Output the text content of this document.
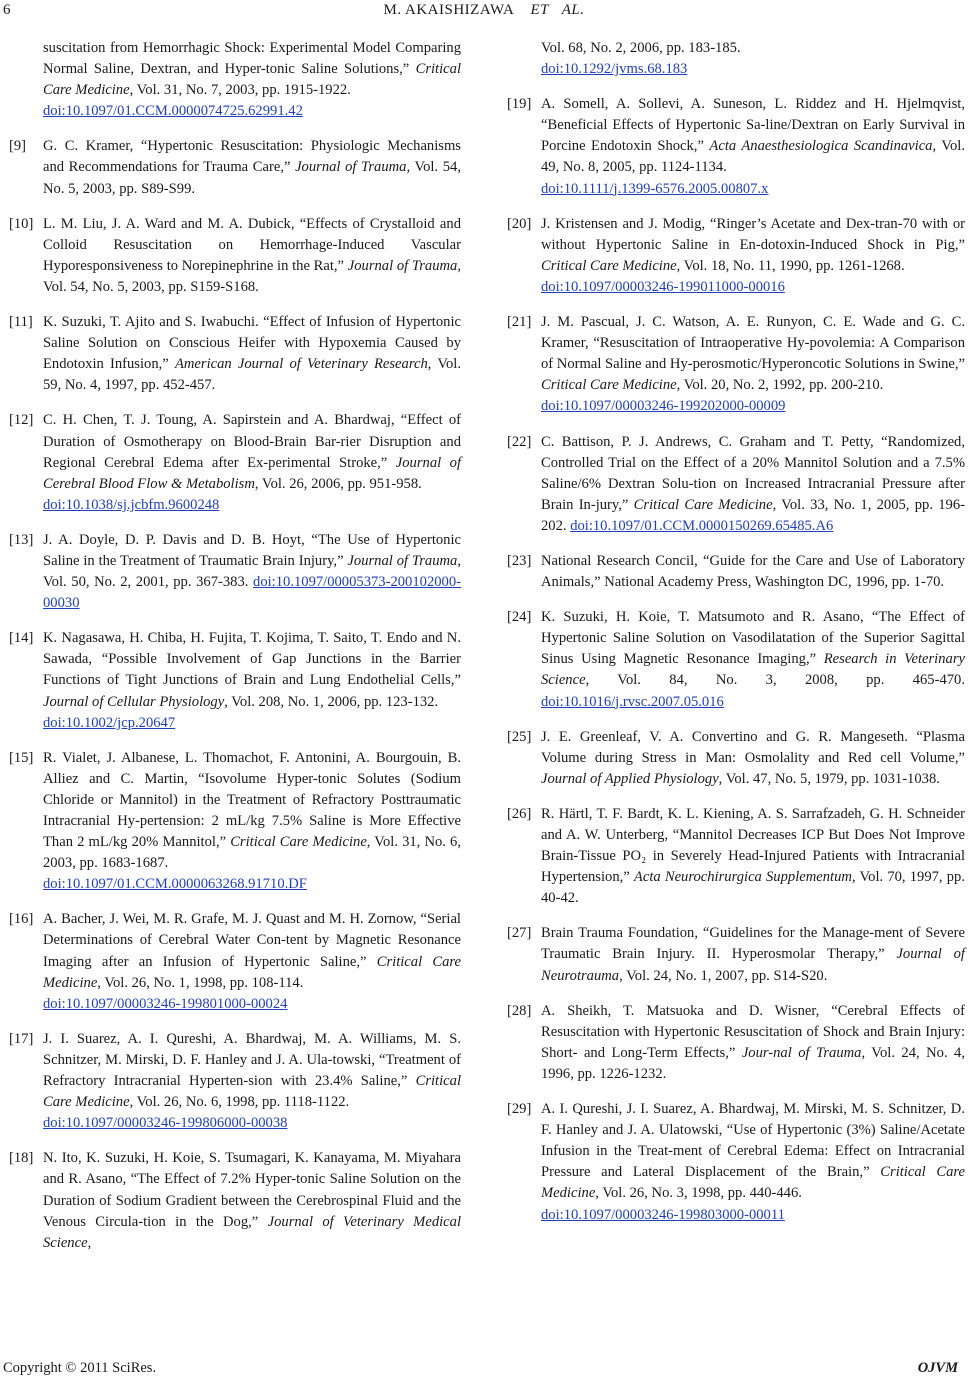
6	M. AKAISHIZAWA ET AL.
suscitation from Hemorrhagic Shock: Experimental Model Comparing Normal Saline, Dextran, and Hyper-tonic Saline Solutions,” Critical Care Medicine, Vol. 31, No. 7, 2003, pp. 1915-1922.
doi:10.1097/01.CCM.0000074725.62991.42
[9] G. C. Kramer, “Hypertonic Resuscitation: Physiologic Mechanisms and Recommendations for Trauma Care,” Journal of Trauma, Vol. 54, No. 5, 2003, pp. S89-S99.
[10] L. M. Liu, J. A. Ward and M. A. Dubick, “Effects of Crystalloid and Colloid Resuscitation on Hemorrhage-Induced Vascular Hyporesponsiveness to Norepinephrine in the Rat,” Journal of Trauma, Vol. 54, No. 5, 2003, pp. S159-S168.
[11] K. Suzuki, T. Ajito and S. Iwabuchi. “Effect of Infusion of Hypertonic Saline Solution on Conscious Heifer with Hypoxemia Caused by Endotoxin Infusion,” American Journal of Veterinary Research, Vol. 59, No. 4, 1997, pp. 452-457.
[12] C. H. Chen, T. J. Toung, A. Sapirstein and A. Bhardwaj, “Effect of Duration of Osmotherapy on Blood-Brain Bar-rier Disruption and Regional Cerebral Edema after Ex-perimental Stroke,” Journal of Cerebral Blood Flow & Metabolism, Vol. 26, 2006, pp. 951-958.
doi:10.1038/sj.jcbfm.9600248
[13] J. A. Doyle, D. P. Davis and D. B. Hoyt, “The Use of Hypertonic Saline in the Treatment of Traumatic Brain Injury,” Journal of Trauma, Vol. 50, No. 2, 2001, pp. 367-383. doi:10.1097/00005373-200102000-00030
[14] K. Nagasawa, H. Chiba, H. Fujita, T. Kojima, T. Saito, T. Endo and N. Sawada, “Possible Involvement of Gap Junctions in the Barrier Functions of Tight Junctions of Brain and Lung Endothelial Cells,” Journal of Cellular Physiology, Vol. 208, No. 1, 2006, pp. 123-132.
doi:10.1002/jcp.20647
[15] R. Vialet, J. Albanese, L. Thomachot, F. Antonini, A. Bourgouin, B. Alliez and C. Martin, “Isovolume Hyper-tonic Solutes (Sodium Chloride or Mannitol) in the Treatment of Refractory Posttraumatic Intracranial Hy-pertension: 2 mL/kg 7.5% Saline is More Effective Than 2 mL/kg 20% Mannitol,” Critical Care Medicine, Vol. 31, No. 6, 2003, pp. 1683-1687.
doi:10.1097/01.CCM.0000063268.91710.DF
[16] A. Bacher, J. Wei, M. R. Grafe, M. J. Quast and M. H. Zornow, “Serial Determinations of Cerebral Water Con-tent by Magnetic Resonance Imaging after an Infusion of Hypertonic Saline,” Critical Care Medicine, Vol. 26, No. 1, 1998, pp. 108-114.
doi:10.1097/00003246-199801000-00024
[17] J. I. Suarez, A. I. Qureshi, A. Bhardwaj, M. A. Williams, M. S. Schnitzer, M. Mirski, D. F. Hanley and J. A. Ula-towski, “Treatment of Refractory Intracranial Hyperten-sion with 23.4% Saline,” Critical Care Medicine, Vol. 26, No. 6, 1998, pp. 1118-1122.
doi:10.1097/00003246-199806000-00038
[18] N. Ito, K. Suzuki, H. Koie, S. Tsumagari, K. Kanayama, M. Miyahara and R. Asano, “The Effect of 7.2% Hyper-tonic Saline Solution on the Duration of Sodium Gradient between the Cerebrospinal Fluid and the Venous Circula-tion in the Dog,” Journal of Veterinary Medical Science,
Vol. 68, No. 2, 2006, pp. 183-185.
doi:10.1292/jvms.68.183
[19] A. Somell, A. Sollevi, A. Suneson, L. Riddez and H. Hjelmqvist, “Beneficial Effects of Hypertonic Sa-line/Dextran on Early Survival in Porcine Endotoxin Shock,” Acta Anaesthesiologica Scandinavica, Vol. 49, No. 8, 2005, pp. 1124-1134.
doi:10.1111/j.1399-6576.2005.00807.x
[20] J. Kristensen and J. Modig, “Ringer’s Acetate and Dex-tran-70 with or without Hypertonic Saline in En-dotoxin-Induced Shock in Pig,” Critical Care Medicine, Vol. 18, No. 11, 1990, pp. 1261-1268.
doi:10.1097/00003246-199011000-00016
[21] J. M. Pascual, J. C. Watson, A. E. Runyon, C. E. Wade and G. C. Kramer, “Resuscitation of Intraoperative Hy-povolemia: A Comparison of Normal Saline and Hy-perosmotic/Hyperoncotic Solutions in Swine,” Critical Care Medicine, Vol. 20, No. 2, 1992, pp. 200-210.
doi:10.1097/00003246-199202000-00009
[22] C. Battison, P. J. Andrews, C. Graham and T. Petty, “Randomized, Controlled Trial on the Effect of a 20% Mannitol Solution and a 7.5% Saline/6% Dextran Solu-tion on Increased Intracranial Pressure after Brain In-jury,” Critical Care Medicine, Vol. 33, No. 1, 2005, pp. 196-202. doi:10.1097/01.CCM.0000150269.65485.A6
[23] National Research Concil, “Guide for the Care and Use of Laboratory Animals,” National Academy Press, Washington DC, 1996, pp. 1-70.
[24] K. Suzuki, H. Koie, T. Matsumoto and R. Asano, “The Effect of Hypertonic Saline Solution on Vasodilatation of the Superior Sagittal Sinus Using Magnetic Resonance Imaging,” Research in Veterinary Science, Vol. 84, No. 3, 2008, pp. 465-470. doi:10.1016/j.rvsc.2007.05.016
[25] J. E. Greenleaf, V. A. Convertino and G. R. Mangeseth. “Plasma Volume during Stress in Man: Osmolality and Red cell Volume,” Journal of Applied Physiology, Vol. 47, No. 5, 1979, pp. 1031-1038.
[26] R. Härtl, T. F. Bardt, K. L. Kiening, A. S. Sarrafzadeh, G. H. Schneider and A. W. Unterberg, “Mannitol Decreases ICP But Does Not Improve Brain-Tissue PO₂ in Severely Head-Injured Patients with Intracranial Hypertension,” Acta Neurochirurgica Supplementum, Vol. 70, 1997, pp. 40-42.
[27] Brain Trauma Foundation, “Guidelines for the Manage-ment of Severe Traumatic Brain Injury. II. Hyperosmolar Therapy,” Journal of Neurotrauma, Vol. 24, No. 1, 2007, pp. S14-S20.
[28] A. Sheikh, T. Matsuoka and D. Wisner, “Cerebral Effects of Resuscitation with Hypertonic Resuscitation of Shock and Brain Injury: Short- and Long-Term Effects,” Jour-nal of Trauma, Vol. 24, No. 4, 1996, pp. 1226-1232.
[29] A. I. Qureshi, J. I. Suarez, A. Bhardwaj, M. Mirski, M. S. Schnitzer, D. F. Hanley and J. A. Ulatowski, “Use of Hypertonic (3%) Saline/Acetate Infusion in the Treat-ment of Cerebral Edema: Effect on Intracranial Pressure and Lateral Displacement of the Brain,” Critical Care Medicine, Vol. 26, No. 3, 1998, pp. 440-446.
doi:10.1097/00003246-199803000-00011
Copyright © 2011 SciRes.	OJVM
